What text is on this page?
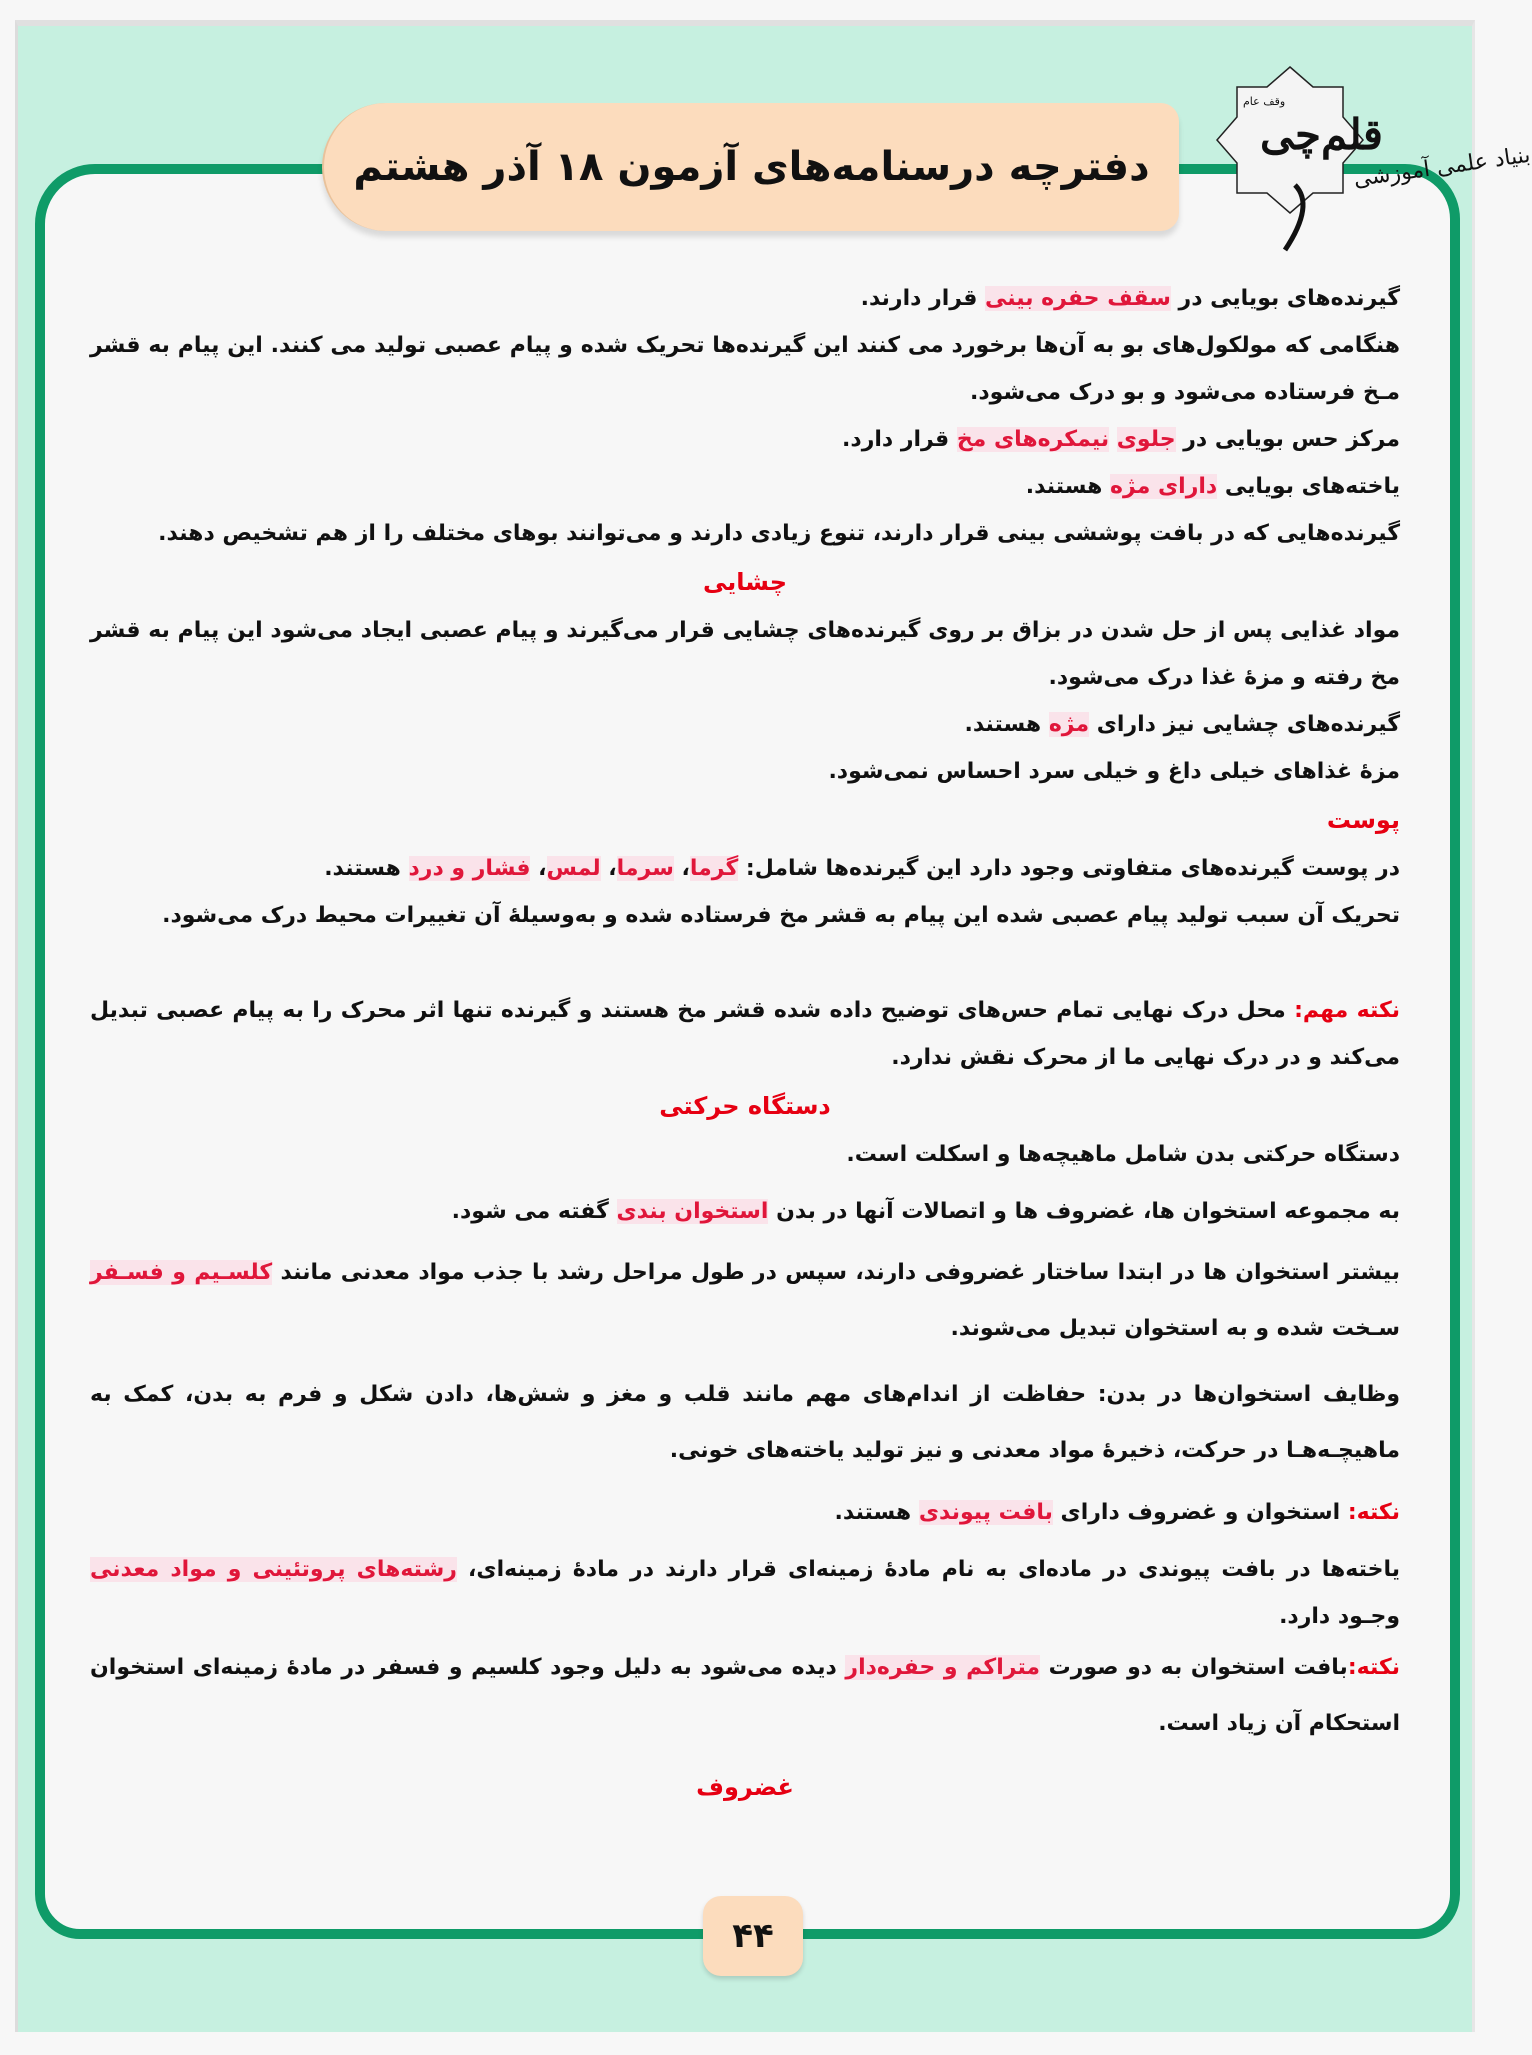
دفترچه درسنامه‌های آزمون ۱۸ آذر هشتم
وقف عام
قلم‌چی
بنیاد علمی آموزشی

گیرنده‌های بویایی در سقف حفره بینی قرار دارند.

هنگامی که مولکول‌های بو به آن‌ها برخورد می کنند این گیرنده‌ها تحریک شده و پیام عصبی تولید می کنند. این پیام به قشر مـخ فرستاده می‌شود و بو درک می‌شود.

مرکز حس بویایی در جلوی نیمکره‌های مخ قرار دارد.

یاخته‌های بویایی دارای مژه هستند.

گیرنده‌هایی که در بافت پوششی بینی قرار دارند، تنوع زیادی دارند و می‌توانند بوهای مختلف را از هم تشخیص دهند.

چشایی

مواد غذایی پس از حل شدن در بزاق بر روی گیرنده‌های چشایی قرار می‌گیرند و پیام عصبی ایجاد می‌شود این پیام به قشر مخ رفته و مزهٔ غذا درک می‌شود.

گیرنده‌های چشایی نیز دارای مژه هستند.

مزهٔ غذاهای خیلی داغ و خیلی سرد احساس نمی‌شود.

پوست

در پوست گیرنده‌های متفاوتی وجود دارد این گیرنده‌ها شامل: گرما، سرما، لمس، فشار و درد هستند.

تحریک آن سبب تولید پیام عصبی شده این پیام به قشر مخ فرستاده شده و به‌وسیلهٔ آن تغییرات محیط درک می‌شود.

نکته مهم: محل درک نهایی تمام حس‌های توضیح داده شده قشر مخ هستند و گیرنده تنها اثر محرک را به پیام عصبی تبدیل می‌کند و در درک نهایی ما از محرک نقش ندارد.

دستگاه حرکتی

دستگاه حرکتی بدن شامل ماهیچه‌ها و اسکلت است.

به مجموعه استخوان ها، غضروف ها و اتصالات آنها در بدن استخوان بندی گفته می شود.

بیشتر استخوان ها در ابتدا ساختار غضروفی دارند، سپس در طول مراحل رشد با جذب مواد معدنی مانند کلسـیم و فسـفر سـخت شده و به استخوان تبدیل می‌شوند.

وظایف استخوان‌ها در بدن: حفاظت از اندام‌های مهم مانند قلب و مغز و شش‌ها، دادن شکل و فرم به بدن، کمک به ماهیچـه‌هـا در حرکت، ذخیرهٔ مواد معدنی و نیز تولید یاخته‌های خونی.

نکته: استخوان و غضروف دارای بافت پیوندی هستند.

یاخته‌ها در بافت پیوندی در ماده‌ای به نام مادهٔ زمینه‌ای قرار دارند در مادهٔ زمینه‌ای، رشته‌های پروتئینی و مواد معدنی وجـود دارد.

نکته:بافت استخوان به دو صورت متراکم و حفره‌دار دیده می‌شود به دلیل وجود کلسیم و فسفر در مادهٔ زمینه‌ای استخوان استحکام آن زیاد است.

غضروف

۴۴
